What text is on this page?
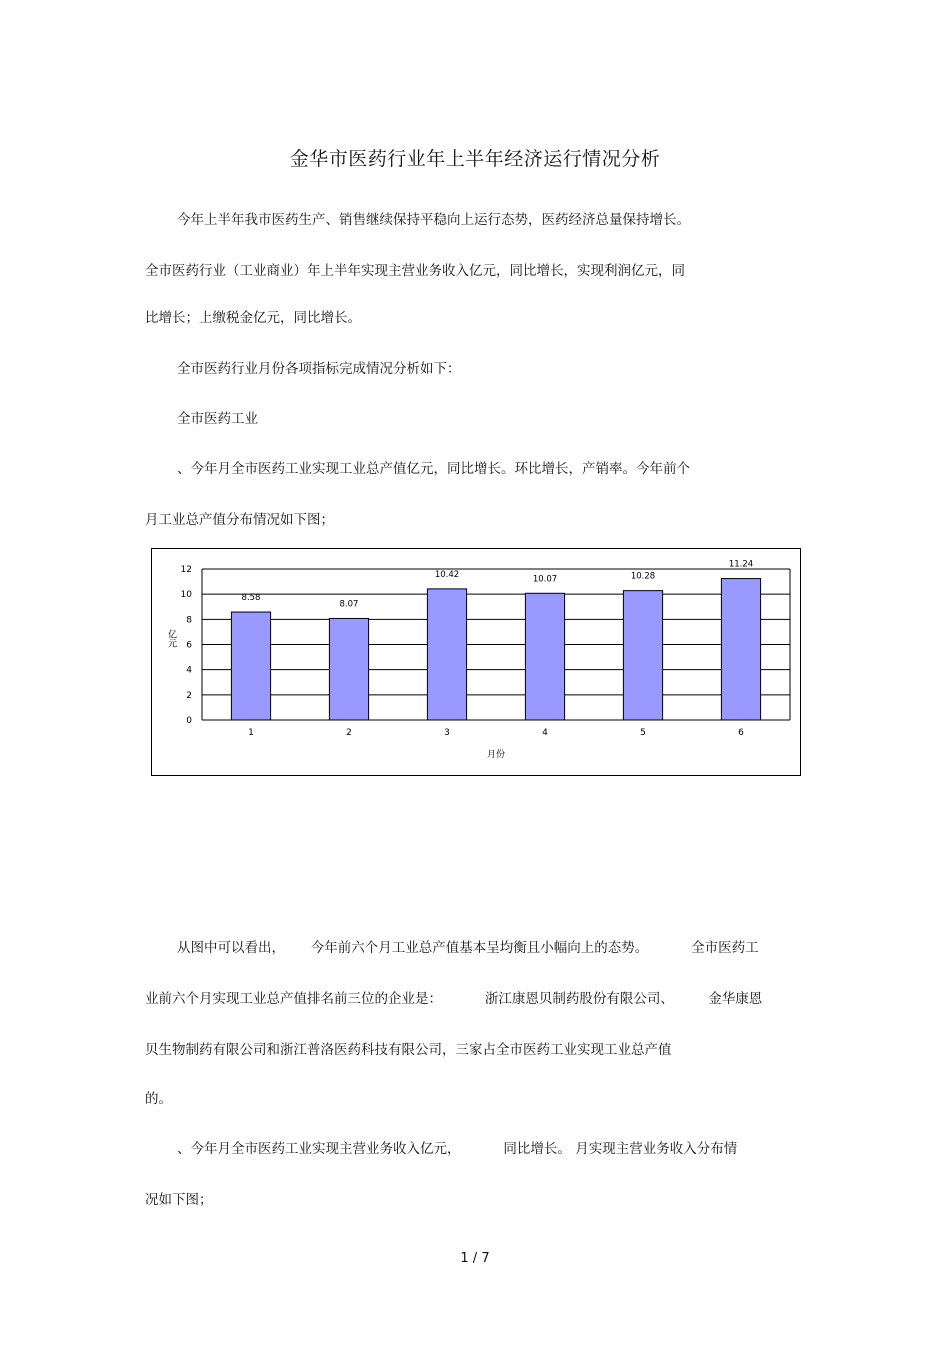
金华市医药行业年上半年经济运行情况分析
今年上半年我市医药生产、销售继续保持平稳向上运行态势，医药经济总量保持增长。
全市医药行业（工业商业）年上半年实现主营业务收入亿元，同比增长，实现利润亿元，同
比增长；上缴税金亿元，同比增长。
全市医药行业月份各项指标完成情况分析如下：
全市医药工业
、今年月全市医药工业实现工业总产值亿元，同比增长。环比增长，产销率。今年前个
月工业总产值分布情况如下图；
0
2
4
6
8
10
12
8.58
1
8.07
2
10.42
3
10.07
4
10.28
5
11.24
6
月份
亿元
从图中可以看出，      今年前六个月工业总产值基本呈均衡且小幅向上的态势。          全市医药工
业前六个月实现工业总产值排名前三位的企业是：          浙江康恩贝制药股份有限公司、        金华康恩
贝生物制药有限公司和浙江普洛医药科技有限公司，三家占全市医药工业实现工业总产值
的。
、今年月全市医药工业实现主营业务收入亿元，          同比增长。 月实现主营业务收入分布情
况如下图；
1 / 7
